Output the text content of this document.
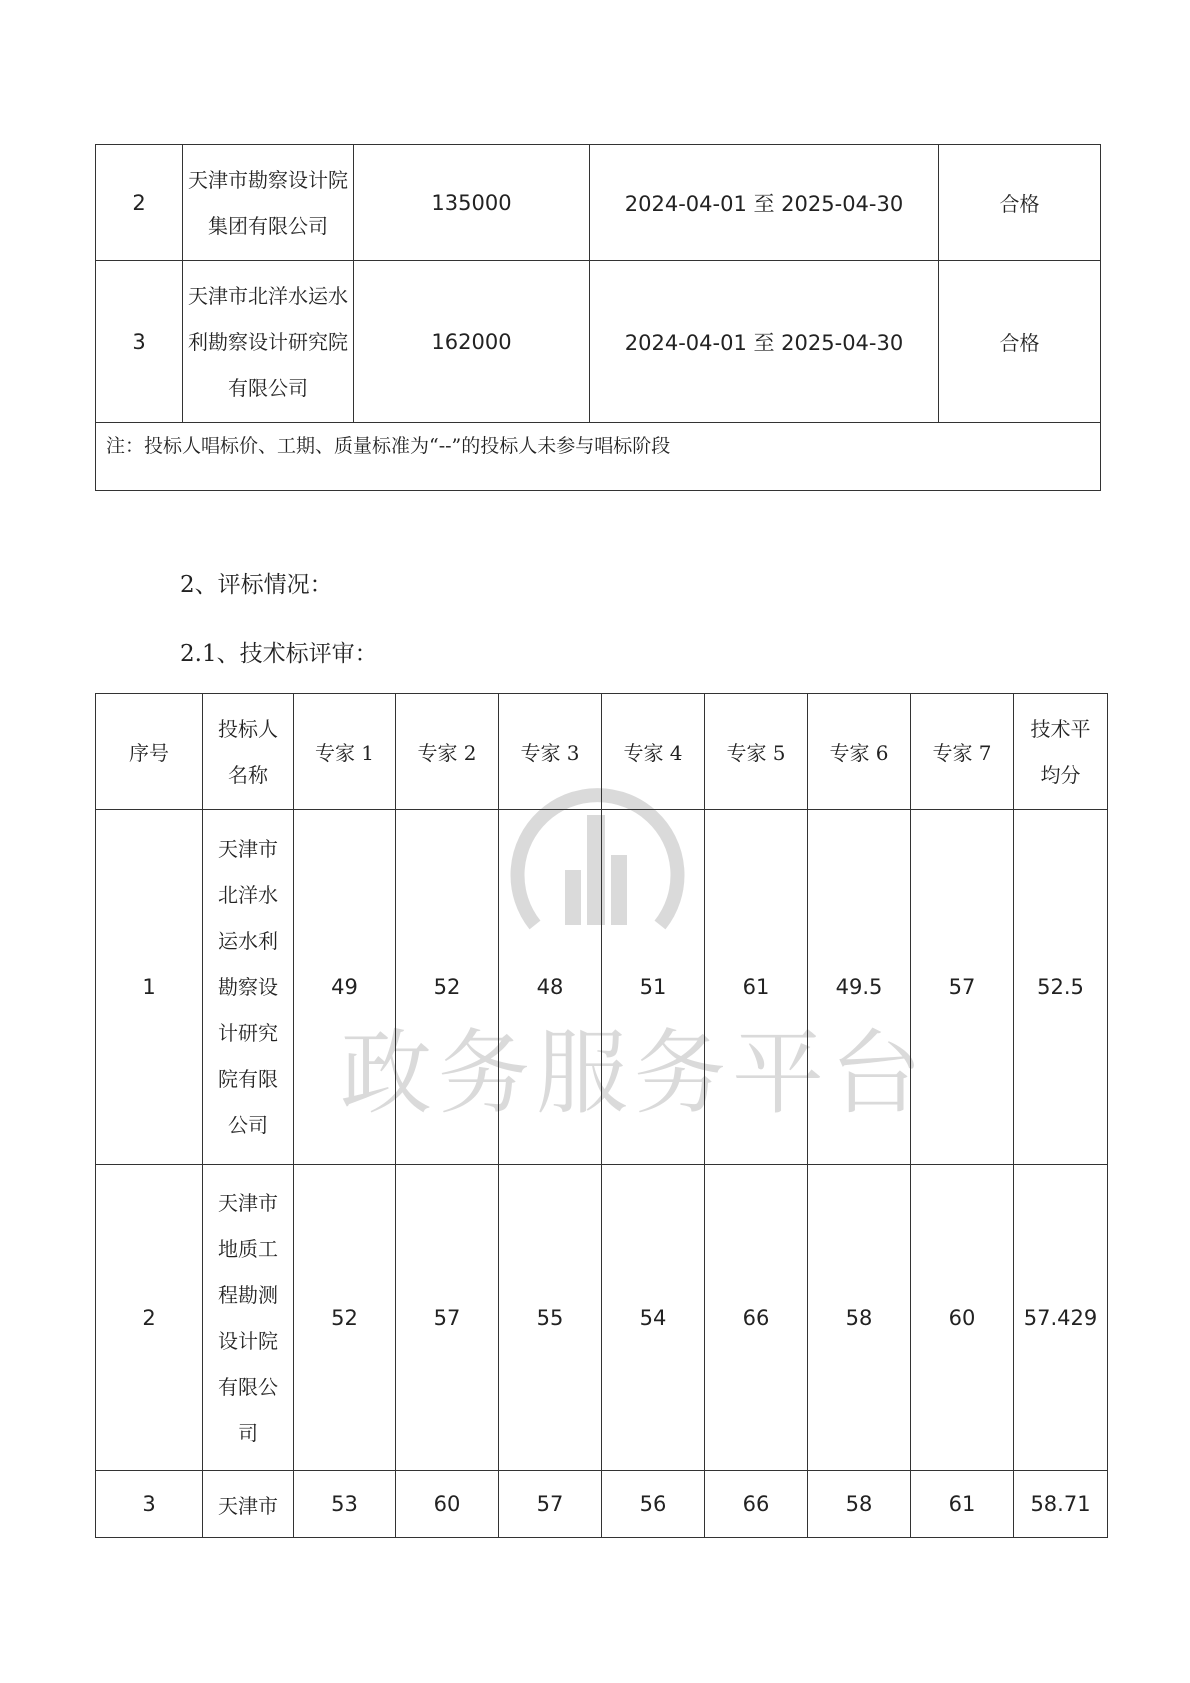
政务服务平台
2	天津市勘察设计院集团有限公司	135000	2024-04-01 至 2025-04-30	合格
3	天津市北洋水运水利勘察设计研究院有限公司	162000	2024-04-01 至 2025-04-30	合格
注：投标人唱标价、工期、质量标准为“--”的投标人未参与唱标阶段				
2、评标情况：
2.1、技术标评审：
序号	投标人名称	专家 1	专家 2	专家 3	专家 4	专家 5	专家 6	专家 7	技术平均分
1	天津市北洋水运水利勘察设计研究院有限公司	49	52	48	51	61	49.5	57	52.5
2	天津市地质工程勘测设计院有限公司	52	57	55	54	66	58	60	57.429
3	天津市	53	60	57	56	66	58	61	58.71
